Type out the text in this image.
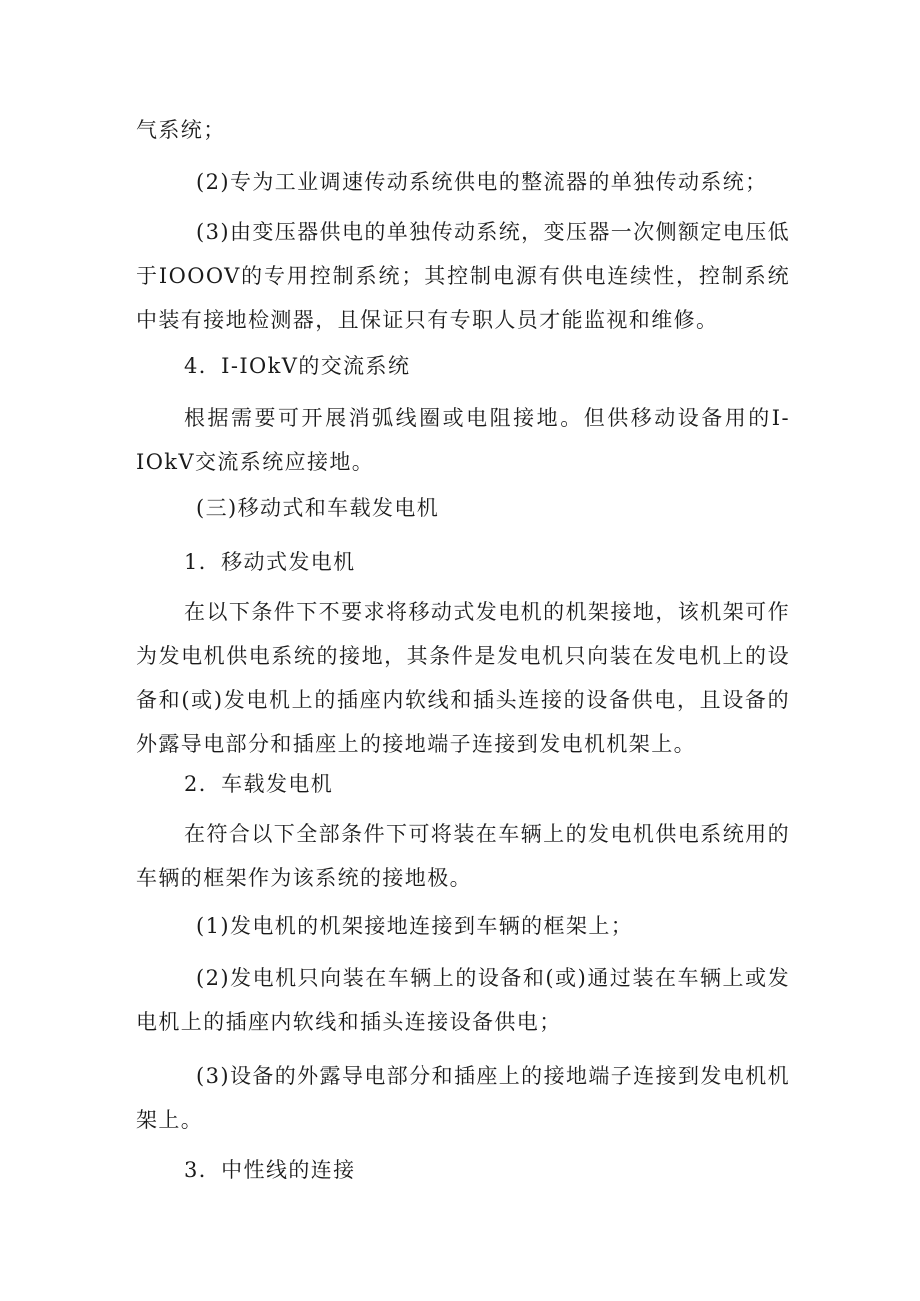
气系统；

(2)专为工业调速传动系统供电的整流器的单独传动系统；

(3)由变压器供电的单独传动系统，变压器一次侧额定电压低于IOOOV的专用控制系统；其控制电源有供电连续性，控制系统中装有接地检测器，且保证只有专职人员才能监视和维修。

4．I-IOkV的交流系统

根据需要可开展消弧线圈或电阻接地。但供移动设备用的I-IOkV交流系统应接地。

(三)移动式和车载发电机

1．移动式发电机

在以下条件下不要求将移动式发电机的机架接地，该机架可作为发电机供电系统的接地，其条件是发电机只向装在发电机上的设备和(或)发电机上的插座内软线和插头连接的设备供电，且设备的外露导电部分和插座上的接地端子连接到发电机机架上。

2．车载发电机

在符合以下全部条件下可将装在车辆上的发电机供电系统用的车辆的框架作为该系统的接地极。

(1)发电机的机架接地连接到车辆的框架上；

(2)发电机只向装在车辆上的设备和(或)通过装在车辆上或发电机上的插座内软线和插头连接设备供电；

(3)设备的外露导电部分和插座上的接地端子连接到发电机机架上。

3．中性线的连接
